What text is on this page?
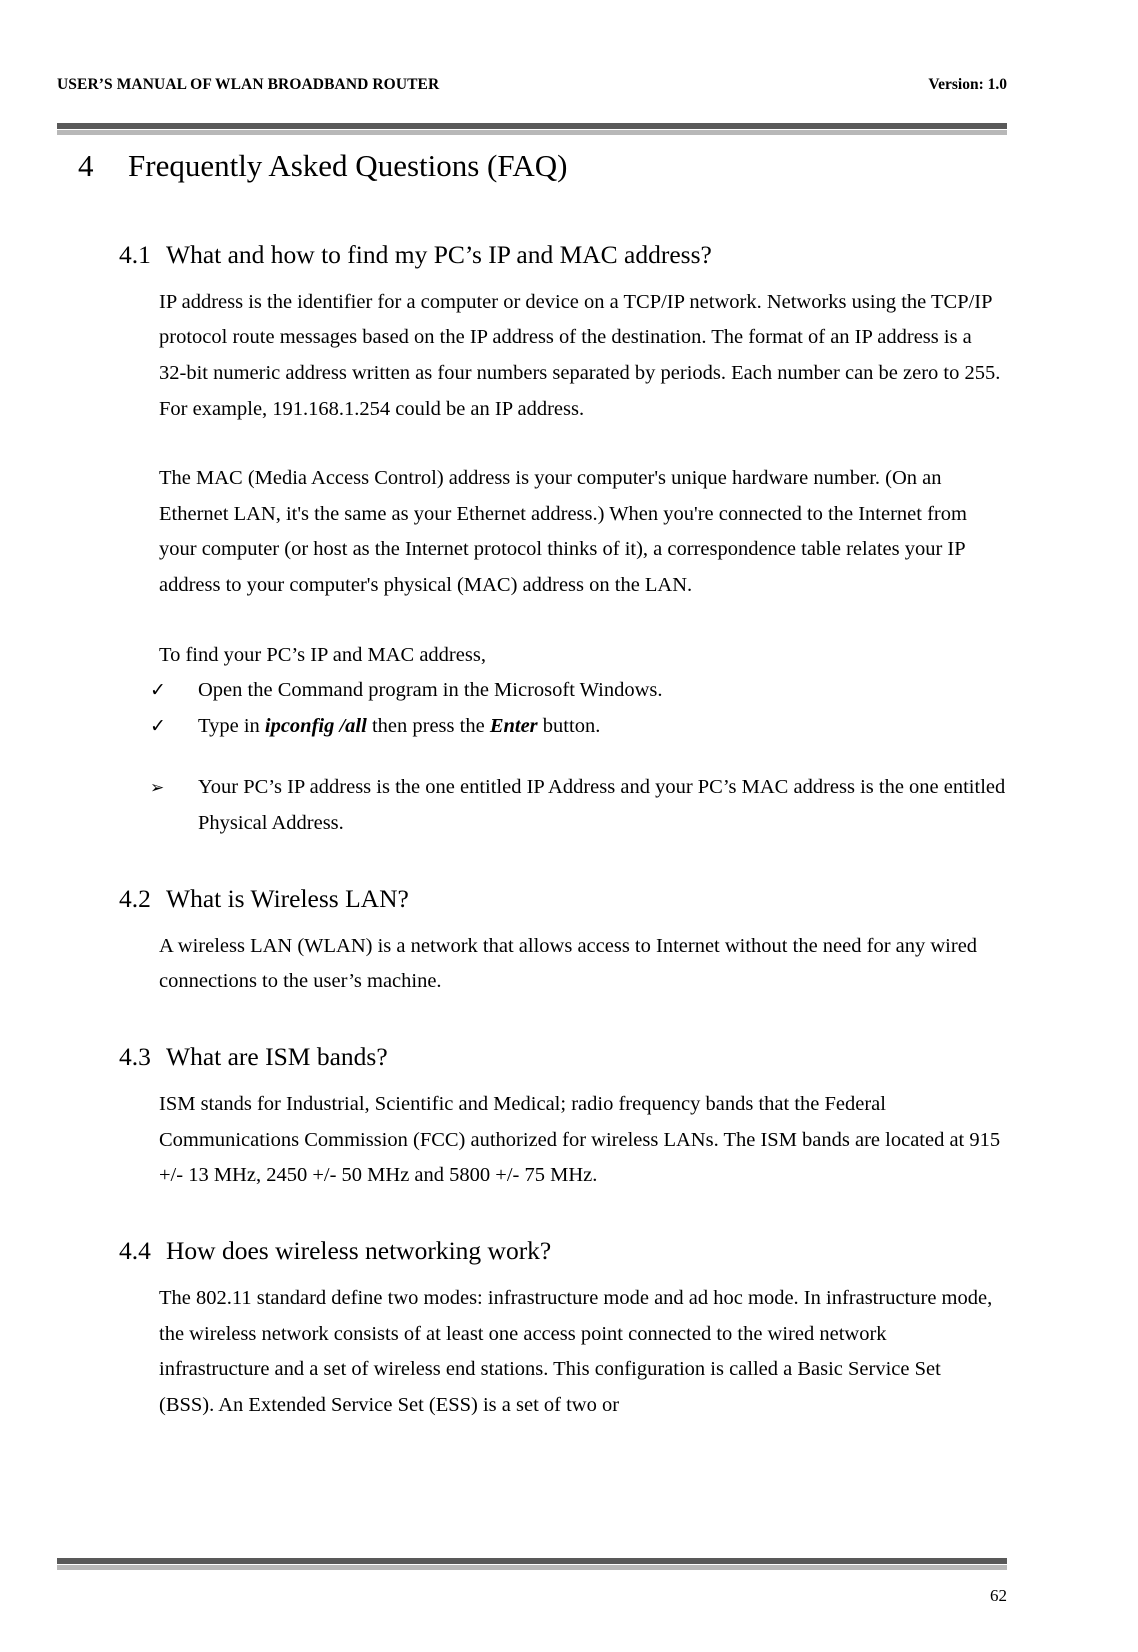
USER’S MANUAL OF WLAN BROADBAND ROUTER	Version: 1.0
4	Frequently Asked Questions (FAQ)
4.1 What and how to find my PC’s IP and MAC address?

IP address is the identifier for a computer or device on a TCP/IP network. Networks using the TCP/IP protocol route messages based on the IP address of the destination. The format of an IP address is a 32-bit numeric address written as four numbers separated by periods. Each number can be zero to 255. For example, 191.168.1.254 could be an IP address.

The MAC (Media Access Control) address is your computer's unique hardware number. (On an Ethernet LAN, it's the same as your Ethernet address.) When you're connected to the Internet from your computer (or host as the Internet protocol thinks of it), a correspondence table relates your IP address to your computer's physical (MAC) address on the LAN.

To find your PC’s IP and MAC address,

✓	Open the Command program in the Microsoft Windows.
✓	Type in ipconfig /all then press the Enter button.
➢	Your PC’s IP address is the one entitled IP Address and your PC’s MAC address is the one entitled Physical Address.
4.2 What is Wireless LAN?

A wireless LAN (WLAN) is a network that allows access to Internet without the need for any wired connections to the user’s machine.

4.3 What are ISM bands?

ISM stands for Industrial, Scientific and Medical; radio frequency bands that the Federal Communications Commission (FCC) authorized for wireless LANs. The ISM bands are located at 915 +/- 13 MHz, 2450 +/- 50 MHz and 5800 +/- 75 MHz.

4.4 How does wireless networking work?

The 802.11 standard define two modes: infrastructure mode and ad hoc mode. In infrastructure mode, the wireless network consists of at least one access point connected to the wired network infrastructure and a set of wireless end stations. This configuration is called a Basic Service Set (BSS). An Extended Service Set (ESS) is a set of two or

62
